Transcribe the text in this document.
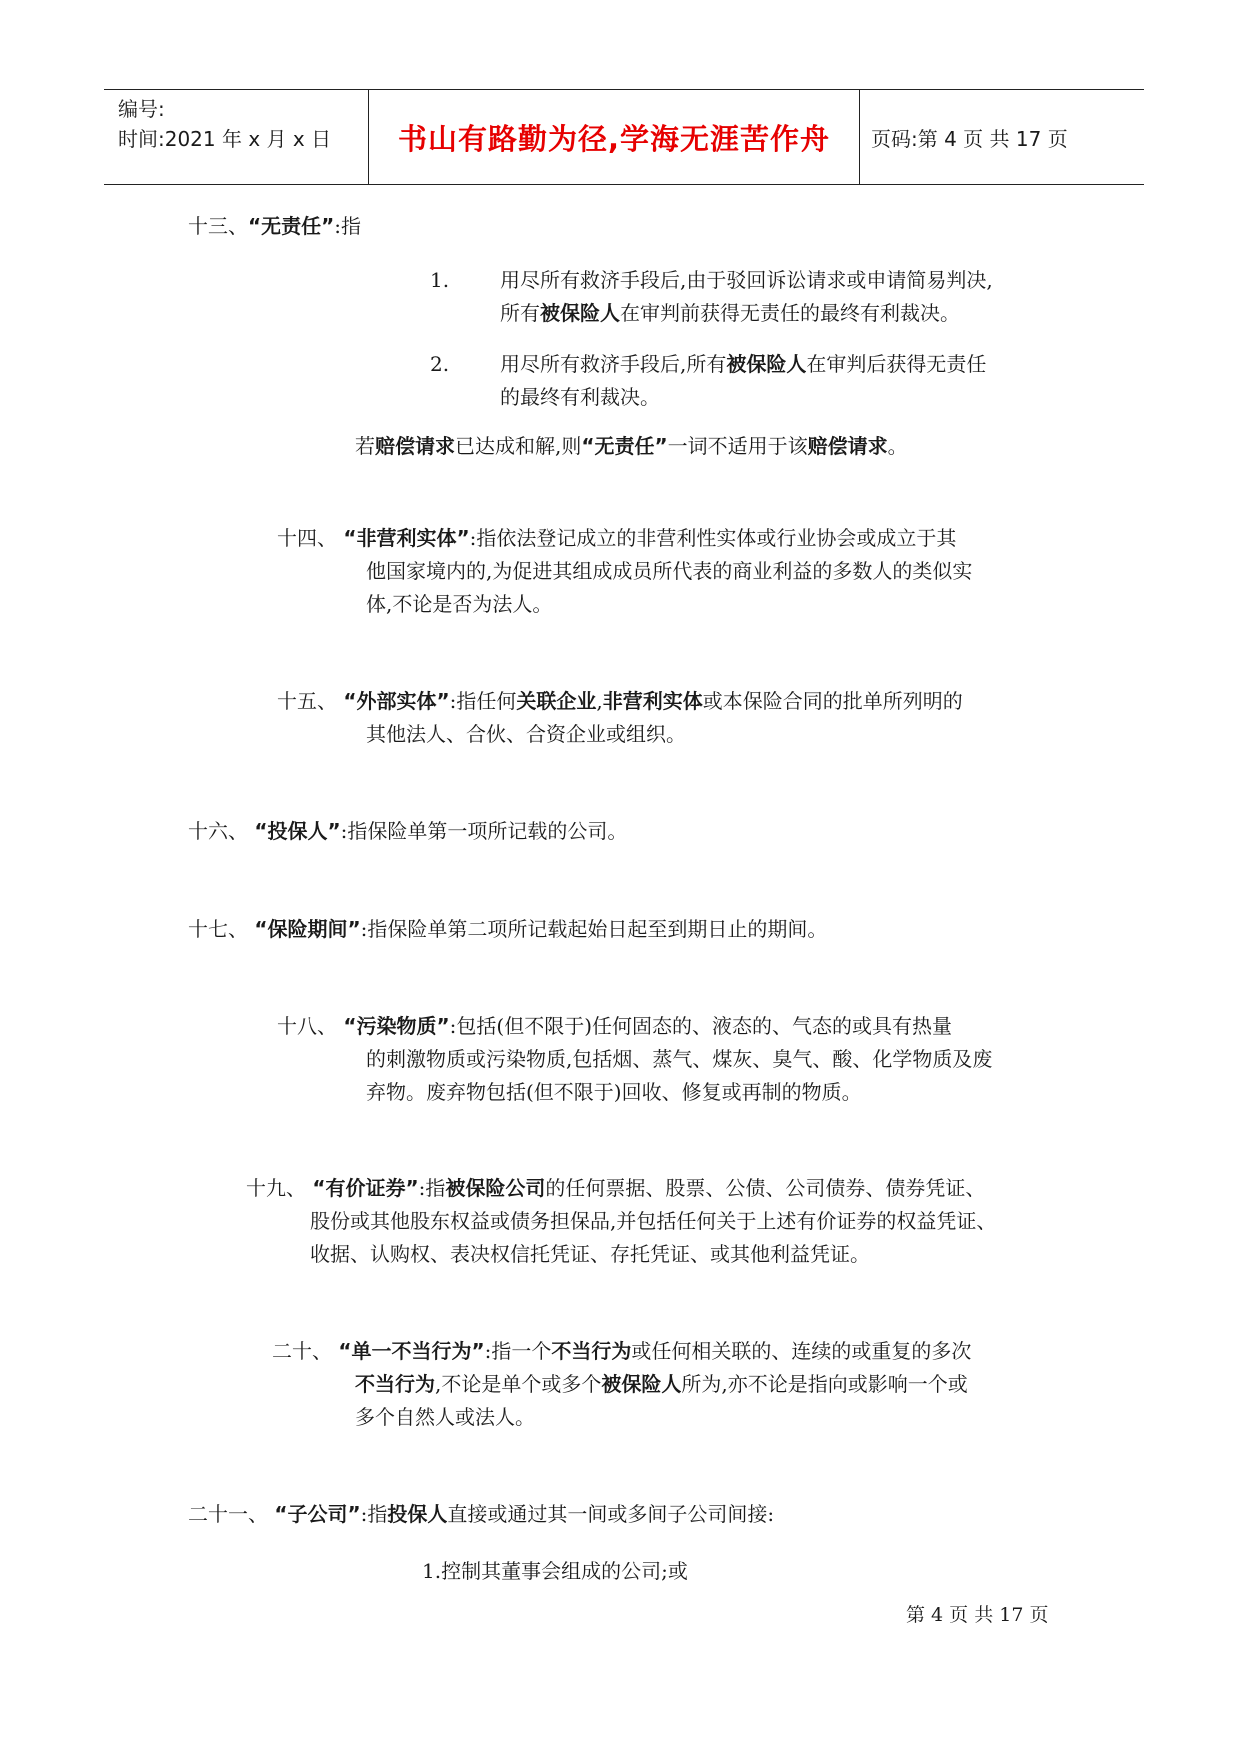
编号:
时间:2021 年 x 月 x 日	书山有路勤为径,学海无涯苦作舟	页码:第 4 页 共 17 页

十三、“无责任”:指

1.	用尽所有救济手段后,由于驳回诉讼请求或申请简易判决,

所有被保险人在审判前获得无责任的最终有利裁决。

2.	用尽所有救济手段后,所有被保险人在审判后获得无责任

的最终有利裁决。

若赔偿请求已达成和解,则“无责任”一词不适用于该赔偿请求。

十四、 “非营利实体”:指依法登记成立的非营利性实体或行业协会或成立于其

他国家境内的,为促进其组成成员所代表的商业利益的多数人的类似实

体,不论是否为法人。

十五、 “外部实体”:指任何关联企业,非营利实体或本保险合同的批单所列明的

其他法人、合伙、合资企业或组织。

十六、 “投保人”:指保险单第一项所记载的公司。

十七、 “保险期间”:指保险单第二项所记载起始日起至到期日止的期间。

十八、 “污染物质”:包括(但不限于)任何固态的、液态的、气态的或具有热量

的刺激物质或污染物质,包括烟、蒸气、煤灰、臭气、酸、化学物质及废

弃物。废弃物包括(但不限于)回收、修复或再制的物质。

十九、 “有价证券”:指被保险公司的任何票据、股票、公债、公司债券、债券凭证、

股份或其他股东权益或债务担保品,并包括任何关于上述有价证券的权益凭证、

收据、认购权、表决权信托凭证、存托凭证、或其他利益凭证。

二十、 “单一不当行为”:指一个不当行为或任何相关联的、连续的或重复的多次

不当行为,不论是单个或多个被保险人所为,亦不论是指向或影响一个或

多个自然人或法人。

二十一、 “子公司”:指投保人直接或通过其一间或多间子公司间接:

1.控制其董事会组成的公司;或

第 4 页 共 17 页
